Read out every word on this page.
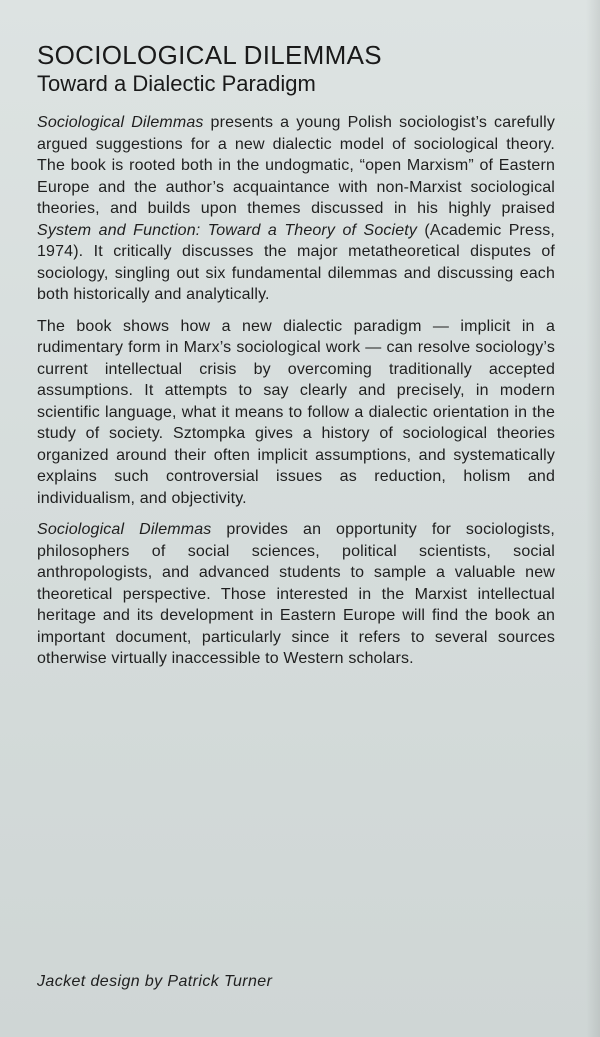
SOCIOLOGICAL DILEMMAS
Toward a Dialectic Paradigm

Sociological Dilemmas presents a young Polish sociologist’s carefully argued suggestions for a new dialectic model of sociological theory. The book is rooted both in the undogmatic, “open Marxism” of Eastern Europe and the author’s acquaintance with non-Marxist sociological theories, and builds upon themes discussed in his highly praised System and Function: Toward a Theory of Society (Academic Press, 1974). It critically discusses the major metatheoretical disputes of sociology, singling out six fundamental dilemmas and discussing each both historically and analytically.

The book shows how a new dialectic paradigm — implicit in a rudimentary form in Marx’s sociological work — can resolve sociology’s current intellectual crisis by overcoming traditionally accepted assumptions. It attempts to say clearly and precisely, in modern scientific language, what it means to follow a dialectic orientation in the study of society. Sztompka gives a history of sociological theories organized around their often implicit assumptions, and systematically explains such controversial issues as reduction, holism and individualism, and objectivity.

Sociological Dilemmas provides an opportunity for sociologists, philosophers of social sciences, political scientists, social anthropologists, and advanced students to sample a valuable new theoretical perspective. Those interested in the Marxist intellectual heritage and its development in Eastern Europe will find the book an important document, particularly since it refers to several sources otherwise virtually inaccessible to Western scholars.

Jacket design by Patrick Turner
